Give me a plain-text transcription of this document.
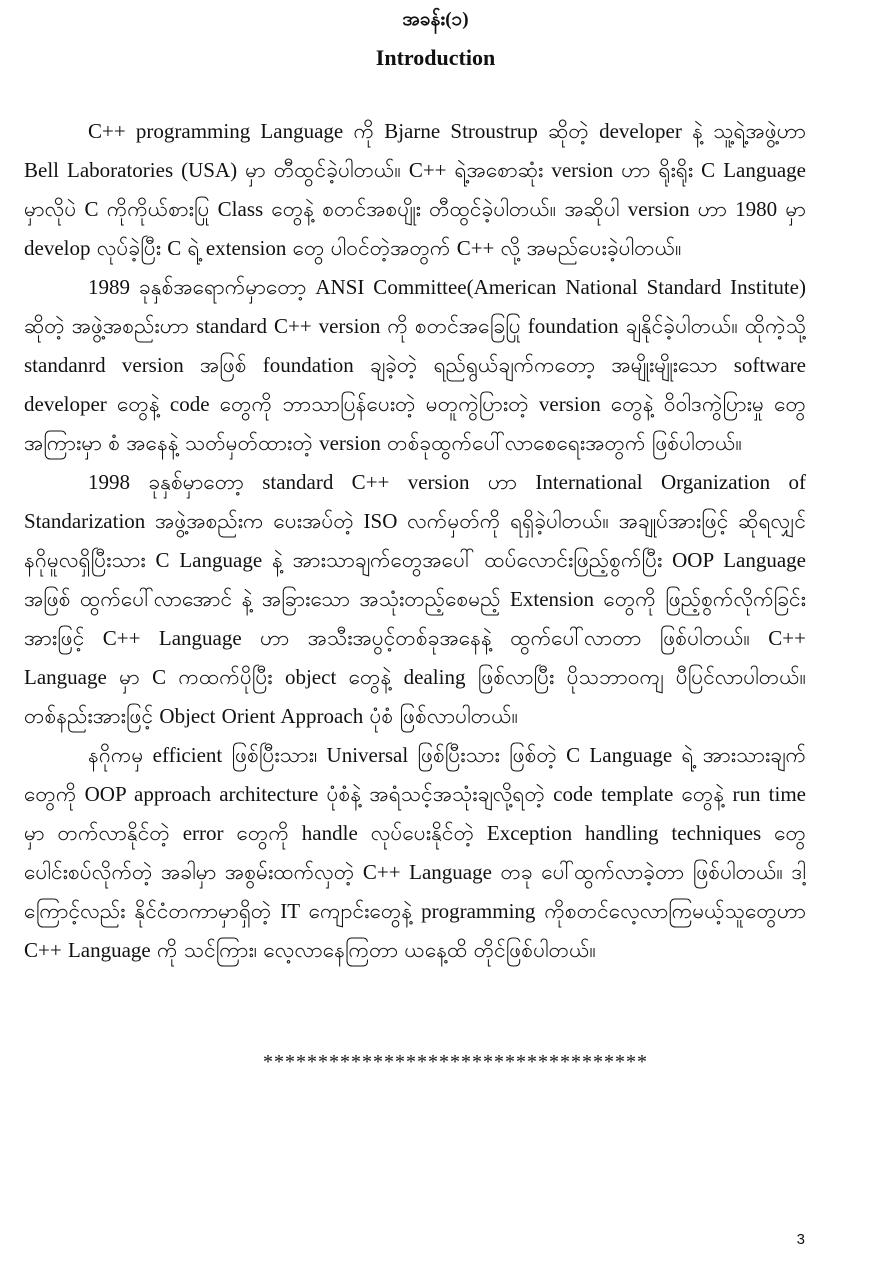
အခန်း(၁)
Introduction

C++ programming Language ကို Bjarne Stroustrup ဆိုတဲ့ developer နဲ့ သူ့ရဲ့အဖွဲ့ဟာ Bell Laboratories (USA) မှာ တီထွင်ခဲ့ပါတယ်။ C++ ရဲ့အစောဆုံး version ဟာ ရိုးရိုး C Language မှာလိုပဲ C ကိုကိုယ်စားပြု Class တွေနဲ့ စတင်အစပျိုး တီထွင်ခဲ့ပါတယ်။ အဆိုပါ version ဟာ 1980 မှာ develop လုပ်ခဲ့ပြီး C ရဲ့ extension တွေ ပါဝင်တဲ့အတွက် C++ လို့ အမည်ပေးခဲ့ပါတယ်။

1989 ခုနှစ်အရောက်မှာတော့ ANSI Committee(American National Standard Institute) ဆိုတဲ့ အဖွဲ့အစည်းဟာ standard C++ version ကို စတင်အခြေပြု foundation ချနိုင်ခဲ့ပါတယ်။ ထိုကဲ့သို့ standanrd version အဖြစ် foundation ချခဲ့တဲ့ ရည်ရွယ်ချက်ကတော့ အမျိုးမျိုးသော software developer တွေနဲ့ code တွေကို ဘာသာပြန်ပေးတဲ့ မတူကွဲပြားတဲ့ version တွေနဲ့ ဝိဝါဒကွဲပြားမှု တွေအကြားမှာ စံ အနေနဲ့ သတ်မှတ်ထားတဲ့ version တစ်ခုထွက်ပေါ်လာစေရေးအတွက် ဖြစ်ပါတယ်။

1998 ခုနှစ်မှာတော့ standard C++ version ဟာ International Organization of Standarization အဖွဲ့အစည်းက ပေးအပ်တဲ့ ISO လက်မှတ်ကို ရရှိခဲ့ပါတယ်။ အချုပ်အားဖြင့် ဆိုရလျှင် နဂိုမူလရှိပြီးသား C Language နဲ့ အားသာချက်တွေအပေါ် ထပ်လောင်းဖြည့်စွက်ပြီး OOP Language အဖြစ် ထွက်ပေါ်လာအောင် နဲ့ အခြားသော အသုံးတည့်စေမည့် Extension တွေကို ဖြည့်စွက်လိုက်ခြင်းအားဖြင့် C++ Language ဟာ အသီးအပွင့်တစ်ခုအနေနဲ့ ထွက်ပေါ်လာတာ ဖြစ်ပါတယ်။ C++ Language မှာ C ကထက်ပိုပြီး object တွေနဲ့ dealing ဖြစ်လာပြီး ပိုသဘာဝကျ ပီပြင်လာပါတယ်။ တစ်နည်းအားဖြင့် Object Orient Approach ပုံစံ ဖြစ်လာပါတယ်။

နဂိုကမှ efficient ဖြစ်ပြီးသား၊ Universal ဖြစ်ပြီးသား ဖြစ်တဲ့ C Language ရဲ့ အားသားချက်တွေကို OOP approach architecture ပုံစံနဲ့ အရံသင့်အသုံးချလို့ရတဲ့ code template တွေနဲ့ run time မှာ တက်လာနိုင်တဲ့ error တွေကို handle လုပ်ပေးနိုင်တဲ့ Exception handling techniques တွေ ပေါင်းစပ်လိုက်တဲ့ အခါမှာ အစွမ်းထက်လှတဲ့ C++ Language တခု ပေါ်ထွက်လာခဲ့တာ ဖြစ်ပါတယ်။ ဒါ့ကြောင့်လည်း နိုင်ငံတကာမှာရှိတဲ့ IT ကျောင်းတွေနဲ့ programming ကိုစတင်လေ့လာကြမယ့်သူတွေဟာ C++ Language ကို သင်ကြား၊ လေ့လာနေကြတာ ယနေ့ထိ တိုင်ဖြစ်ပါတယ်။

***********************************
3
